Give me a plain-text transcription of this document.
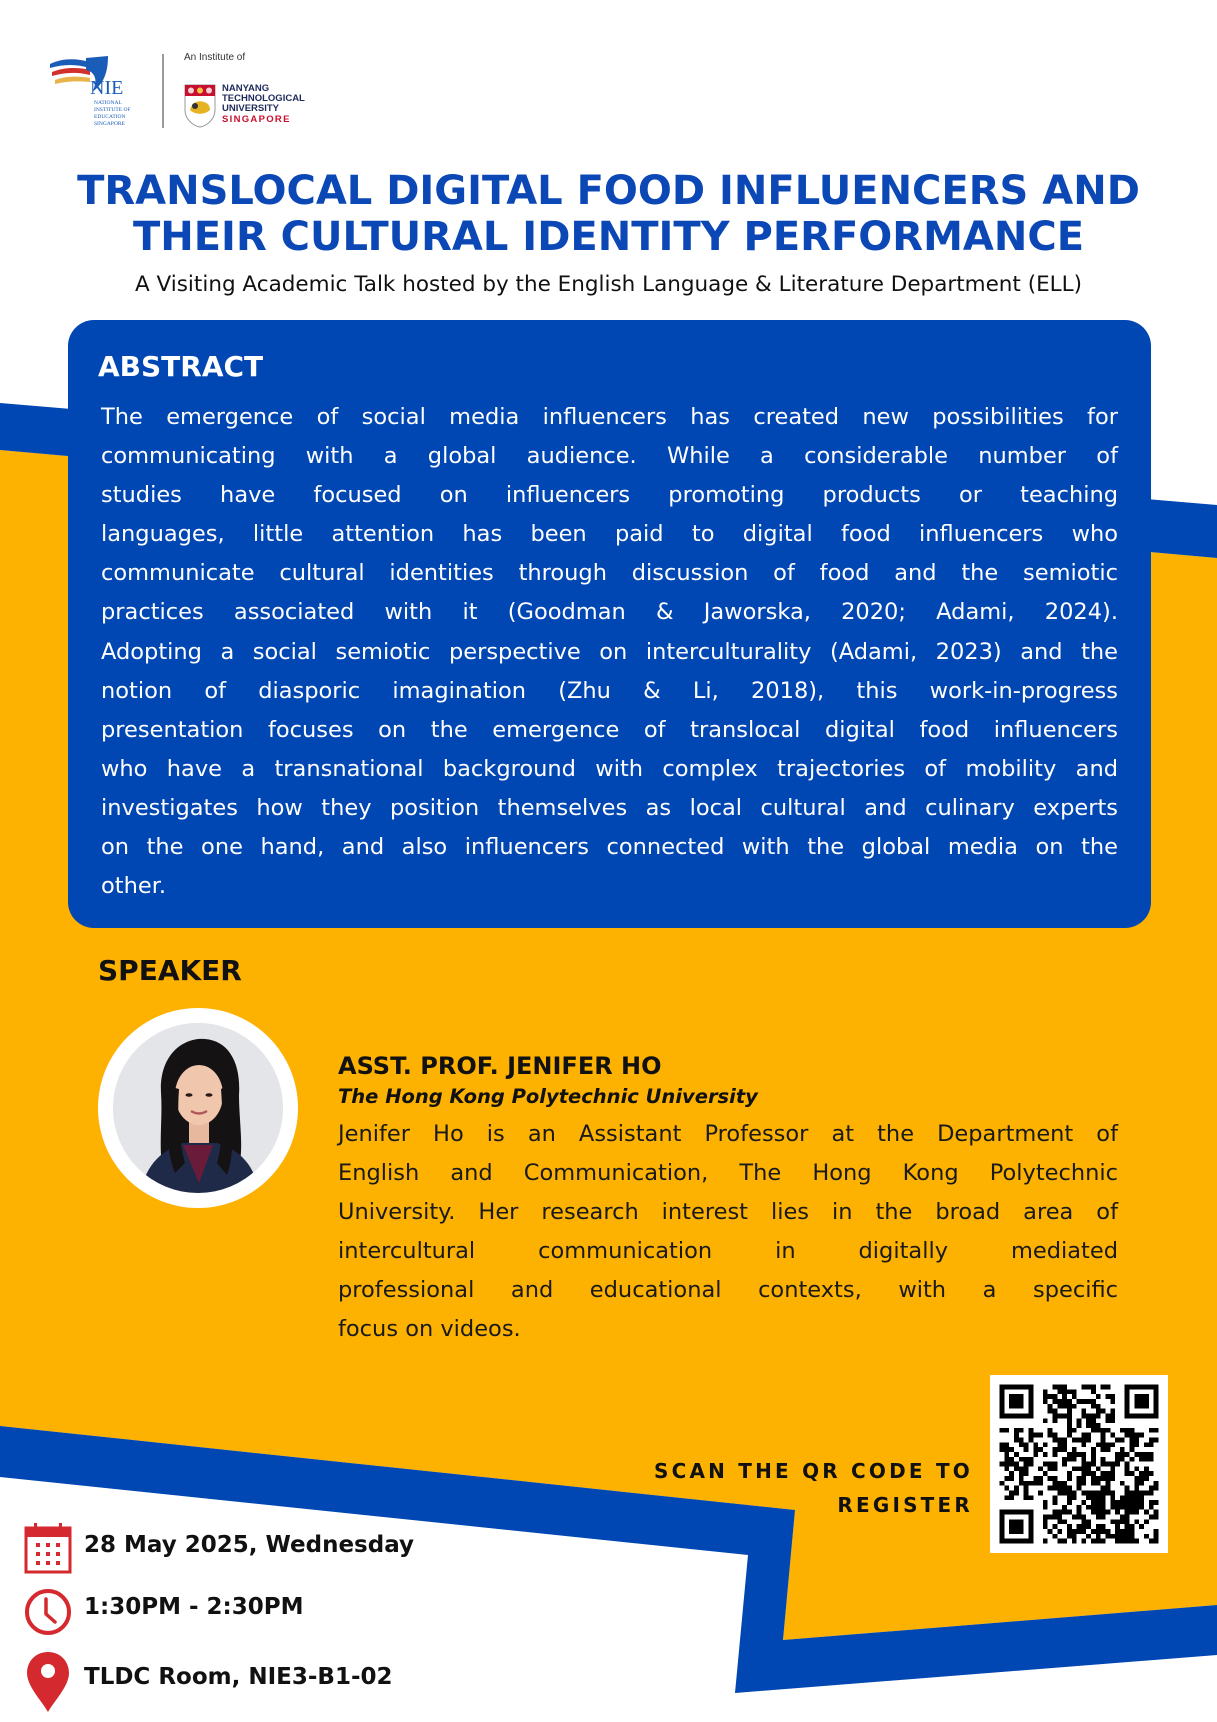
NIE
NATIONAL
INSTITUTE OF
EDUCATION
SINGAPORE
An Institute of
NANYANG
TECHNOLOGICAL
UNIVERSITY
SINGAPORE
TRANSLOCAL DIGITAL FOOD INFLUENCERS AND
THEIR CULTURAL IDENTITY PERFORMANCE
A Visiting Academic Talk hosted by the English Language & Literature Department (ELL)
ABSTRACT
The emergence of social media influencers has created new possibilities for
communicating with a global audience. While a considerable number of
studies have focused on influencers promoting products or teaching
languages, little attention has been paid to digital food influencers who
communicate cultural identities through discussion of food and the semiotic
practices associated with it (Goodman & Jaworska, 2020; Adami, 2024).
Adopting a social semiotic perspective on interculturality (Adami, 2023) and the
notion of diasporic imagination (Zhu & Li, 2018), this work-in-progress
presentation focuses on the emergence of translocal digital food influencers
who have a transnational background with complex trajectories of mobility and
investigates how they position themselves as local cultural and culinary experts
on the one hand, and also influencers connected with the global media on the
other.
SPEAKER
ASST. PROF. JENIFER HO
The Hong Kong Polytechnic University
Jenifer Ho is an Assistant Professor at the Department of
English and Communication, The Hong Kong Polytechnic
University. Her research interest lies in the broad area of
intercultural communication in digitally mediated
professional and educational contexts, with a specific
focus on videos.
SCAN THE QR CODE TO
REGISTER
28 May 2025, Wednesday
1:30PM - 2:30PM
TLDC Room, NIE3-B1-02
